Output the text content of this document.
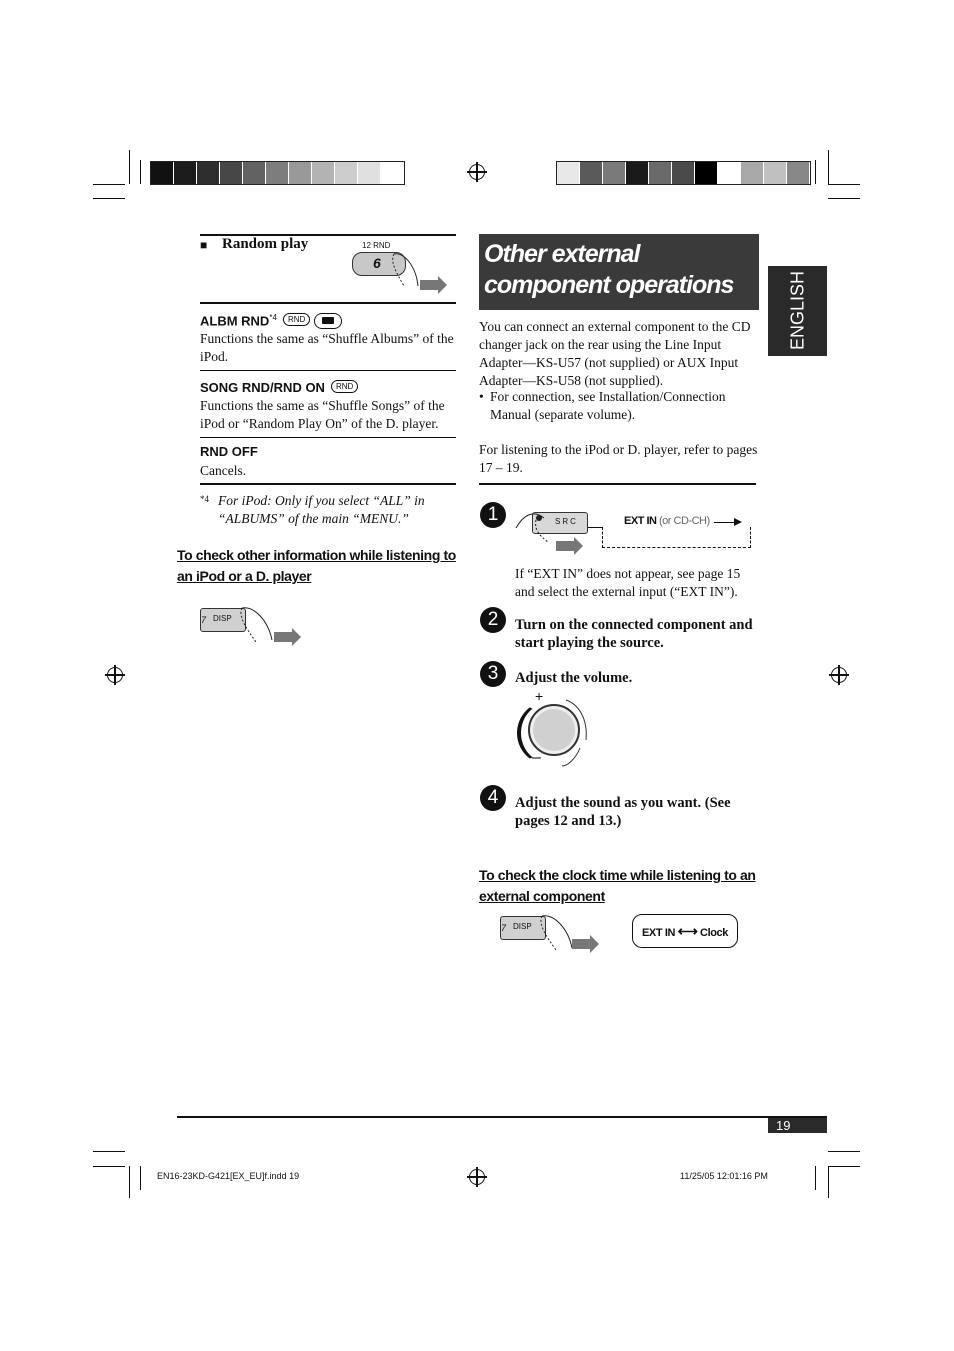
■ Random play	12 RND
6
ALBM RND$^{*4}$	RND
Functions the same as “Shuffle Albums” of the iPod.
SONG RND/RND ON	RND
Functions the same as “Shuffle Songs” of the iPod or “Random Play On” of the D. player.
RND OFF
Cancels.
*4 For iPod: Only if you select “ALL” in “ALBUMS” of the main “MENU.”
To check other information while listening to an iPod or a D. player
7 DISP
Other external component operations	ENGLISH
You can connect an external component to the CD changer jack on the rear using the Line Input Adapter—KS-U57 (not supplied) or AUX Input Adapter—KS-U58 (not supplied).
• For connection, see Installation/Connection Manual (separate volume).
For listening to the iPod or D. player, refer to pages 17 – 19.
1	SRC	EXT IN (or CD-CH)
If “EXT IN” does not appear, see page 15 and select the external input (“EXT IN”).
2	Turn on the connected component and start playing the source.
3	Adjust the volume.
+
–
4	Adjust the sound as you want. (See pages 12 and 13.)
To check the clock time while listening to an external component
7 DISP
EXT IN ⟷ Clock
19
EN16-23KD-G421[EX_EU]f.indd 19	11/25/05 12:01:16 PM
